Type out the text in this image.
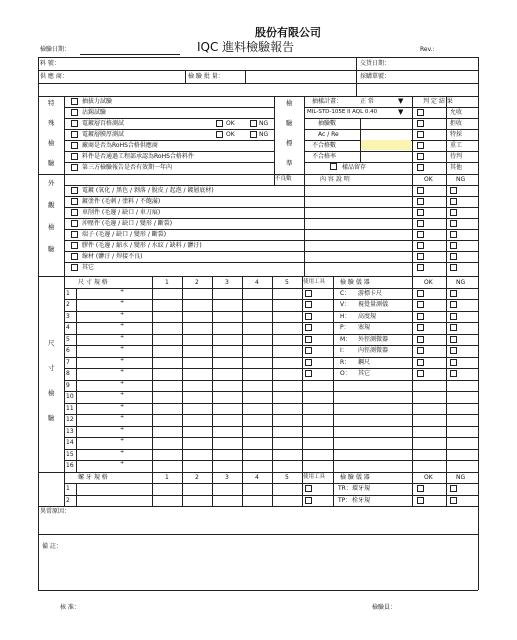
股份有限公司
IQC 進料檢驗報告
檢驗日期：	Rev.:
料 號：	交貨日期：
供 應 商：	檢 驗 批 量：	採購單號：
特
殊
檢
驗
檢
驗
標
準
抽拔力試驗
沾錫試驗
電鍍層百格測試	OK	NG
電鍍層膜厚測試	OK	NG
廠商是否為RoHS合格供應商
料件是否通過工程部承認為RoHS合格料件
第三方檢驗報告是否有效期一年內
抽樣計畫：	正 常	▼
MIL-STD-105E II AQL 0.40	▼
抽驗數
Ac / Re
不合格數
不合格率
樣品留存
判 定 結 果
允收
拒收
特採
重工
待判
其他
外
觀
檢
驗
不良數	內 容 說 明	OK	NG
電鍍 (氧化 / 黑色 / 剝落 / 脫皮 / 起泡 / 鍍層底材)
鍍塗件 (毛刺 / 塗料 / 不飽滿)
車削件 (毛邊 / 缺口 / 車刀痕)
沖壓件 (毛邊 / 缺口 / 變形 / 斷裂)
端子 (毛邊 / 缺口 / 變形 / 斷裂)
膠件 (毛邊 / 縮水 / 變形 / 水紋 / 缺料 / 髒汙)
線材 (髒汙 / 焊接不良)
其它
尺
寸
檢
驗
尺 寸 規 格	1	2	3	4	5	使用工具 檢 驗 儀 器	OK	NG
1	+	C： 游標卡尺
2	+	V： 視覺量測儀
3	+	H： 高度規
4	+	P： 塞規
5	+	M： 外徑測微器
6	+	I： 內徑測微器
7	+	R： 鋼尺
8	+	O： 其它
9	+
10	+
11	+
12	+
13	+
14	+
15	+
16	+
螺 牙 規 格	1	2	3	4	5	使用工具 檢 驗 儀 器	OK	NG
1	TR： 環牙規
2	TP： 栓牙規
異常原因：
備 註：
核 准：	檢驗員：
